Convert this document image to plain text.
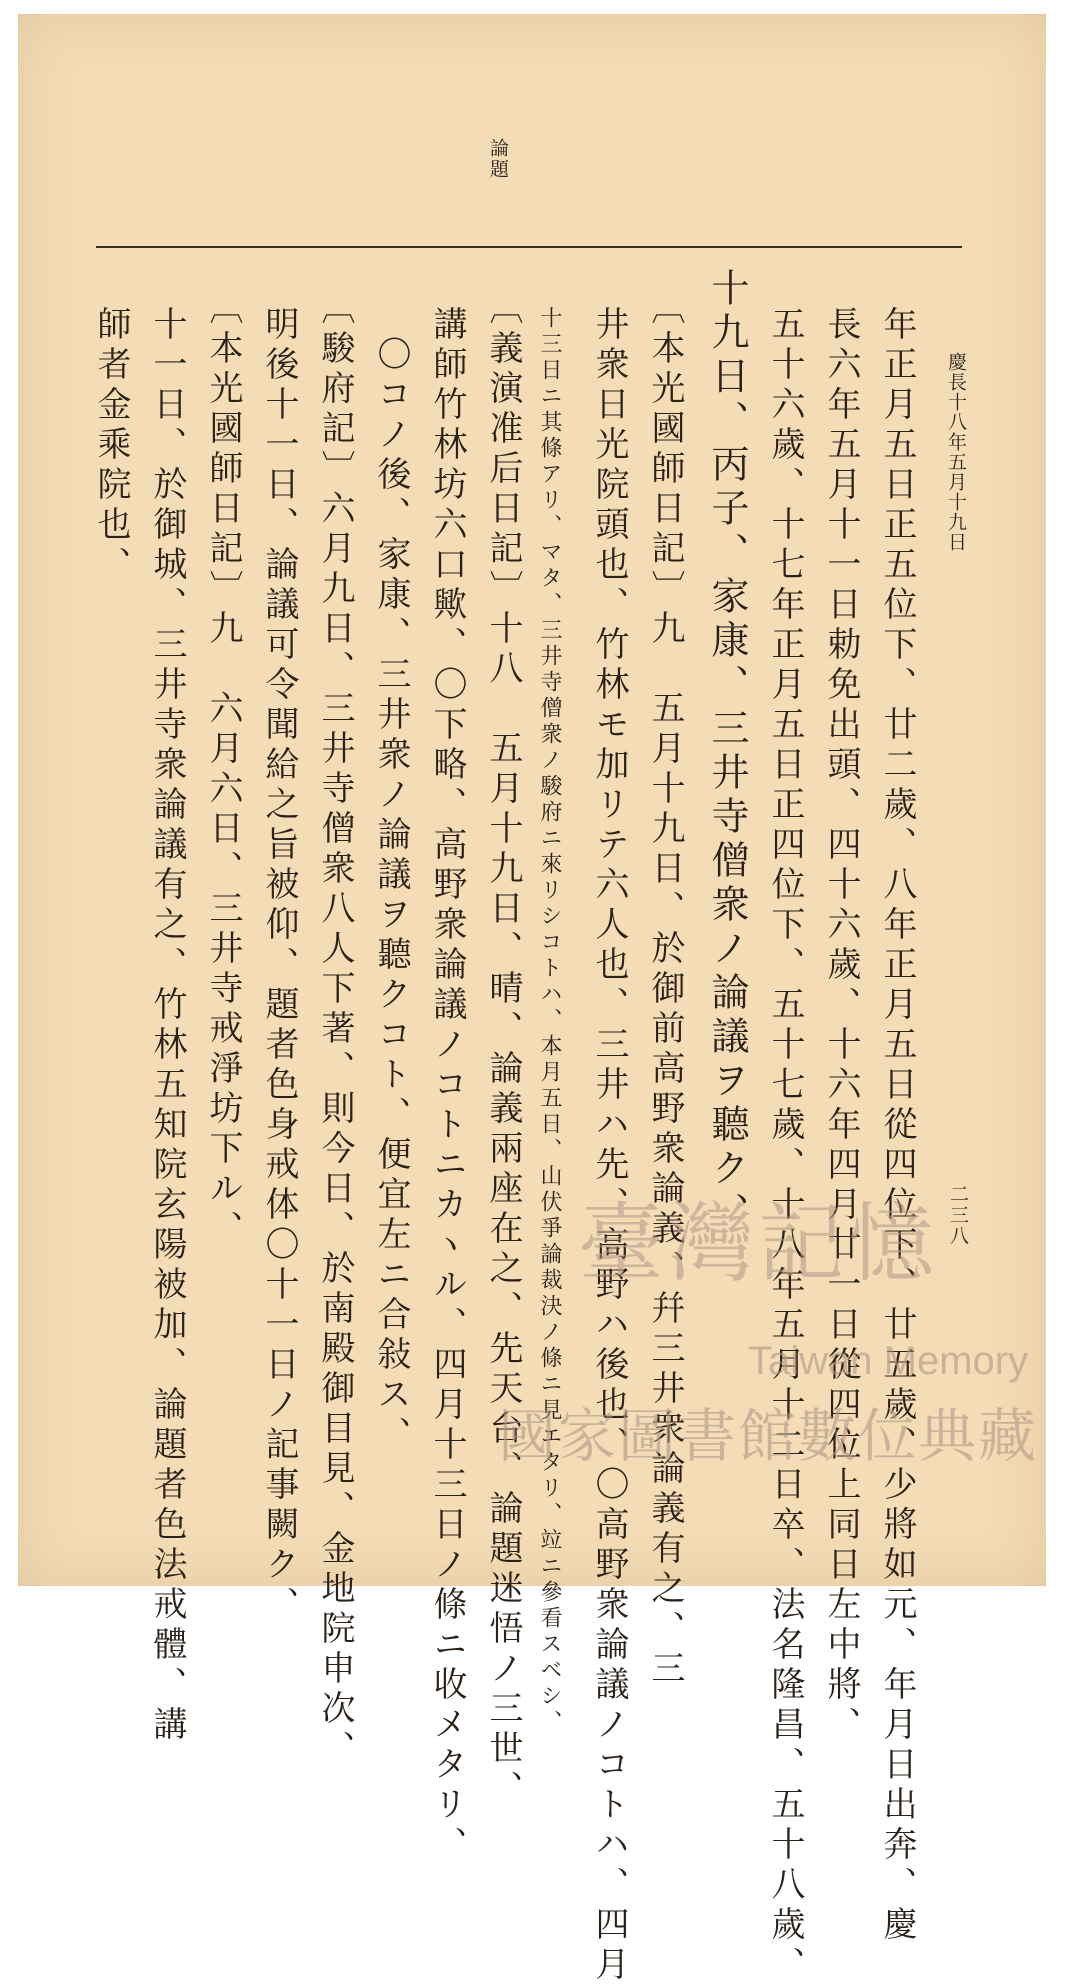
慶長十八年五月十九日
二三八
論題
年正月五日正五位下、廿二歲、八年正月五日從四位下、廿五歲、少將如元、年月日出奔、慶
長六年五月十一日勅免出頭、四十六歲、十六年四月廿一日從四位上同日左中將、
五十六歲、十七年正月五日正四位下、五十七歲、十八年五月十二日卒、法名隆昌、五十八歲、
十九日、丙子、家康、三井寺僧衆ノ論議ヲ聽ク、
〔本光國師日記〕九　五月十九日、於御前高野衆論義、幷三井衆論義有之、三
井衆日光院頭也、竹林モ加リテ六人也、三井ハ先、高野ハ後也、〇高野衆論議ノコトハ、四月
十三日ニ其條アリ、マタ、三井寺僧衆ノ駿府ニ來リシコトハ、本月五日、山伏爭論裁決ノ條ニ見エタリ、竝ニ參看スベシ、
〔義演准后日記〕十八　五月十九日、晴、論義兩座在之、先天台、論題迷悟ノ三世、
講師竹林坊六口歟、〇下略、高野衆論議ノコトニカヽル、四月十三日ノ條ニ收メタリ、
〇コノ後、家康、三井衆ノ論議ヲ聽クコト、便宜左ニ合敍ス、
〔駿府記〕六月九日、三井寺僧衆八人下著、則今日、於南殿御目見、金地院申次、
明後十一日、論議可令聞給之旨被仰、題者色身戒体〇十一日ノ記事闕ク、
〔本光國師日記〕九　六月六日、三井寺戒淨坊下ル、
十一日、於御城、三井寺衆論議有之、竹林五知院玄陽被加、論題者色法戒體、講
師者金乘院也、
臺灣記憶
Taiwan Memory
國家圖書館數位典藏
